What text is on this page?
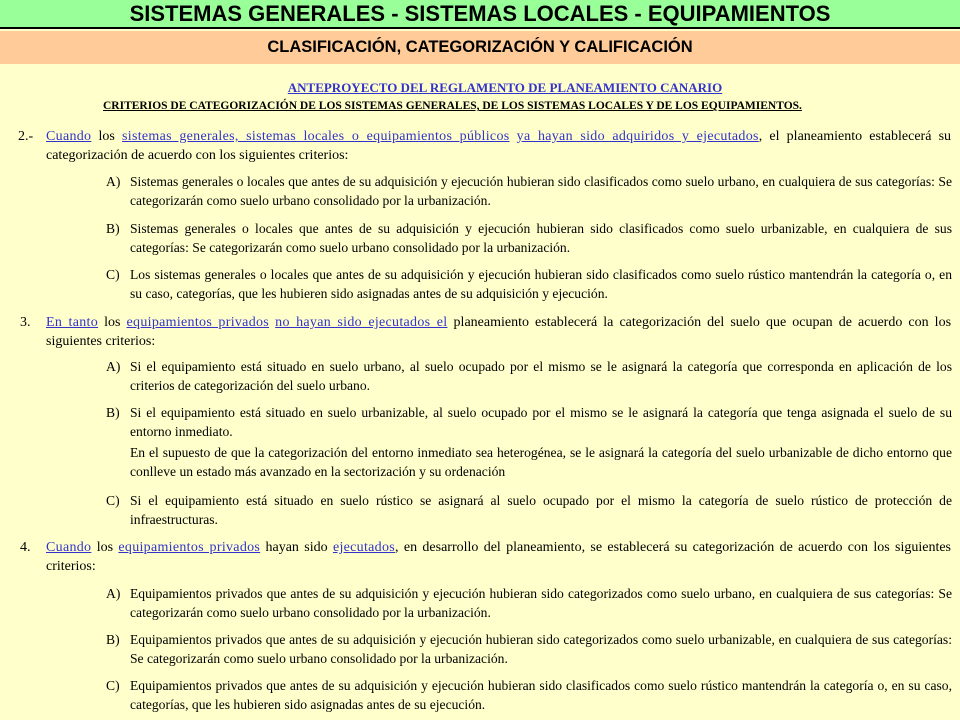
SISTEMAS GENERALES - SISTEMAS LOCALES - EQUIPAMIENTOS
CLASIFICACIÓN, CATEGORIZACIÓN Y CALIFICACIÓN
ANTEPROYECTO DEL REGLAMENTO DE PLANEAMIENTO CANARIO
CRITERIOS DE CATEGORIZACIÓN DE LOS SISTEMAS GENERALES, DE LOS SISTEMAS LOCALES Y DE LOS EQUIPAMIENTOS.
2.- Cuando los sistemas generales, sistemas locales o equipamientos públicos ya hayan sido adquiridos y ejecutados, el planeamiento establecerá su categorización de acuerdo con los siguientes criterios:
A) Sistemas generales o locales que antes de su adquisición y ejecución hubieran sido clasificados como suelo urbano, en cualquiera de sus categorías: Se categorizarán como suelo urbano consolidado por la urbanización.
B) Sistemas generales o locales que antes de su adquisición y ejecución hubieran sido clasificados como suelo urbanizable, en cualquiera de sus categorías: Se categorizarán como suelo urbano consolidado por la urbanización.
C) Los sistemas generales o locales que antes de su adquisición y ejecución hubieran sido clasificados como suelo rústico mantendrán la categoría o, en su caso, categorías, que les hubieren sido asignadas antes de su adquisición y ejecución.
3. En tanto los equipamientos privados no hayan sido ejecutados el planeamiento establecerá la categorización del suelo que ocupan de acuerdo con los siguientes criterios:
A) Si el equipamiento está situado en suelo urbano, al suelo ocupado por el mismo se le asignará la categoría que corresponda en aplicación de los criterios de categorización del suelo urbano.
B) Si el equipamiento está situado en suelo urbanizable, al suelo ocupado por el mismo se le asignará la categoría que tenga asignada el suelo de su entorno inmediato.
En el supuesto de que la categorización del entorno inmediato sea heterogénea, se le asignará la categoría del suelo urbanizable de dicho entorno que conlleve un estado más avanzado en la sectorización y su ordenación
C) Si el equipamiento está situado en suelo rústico se asignará al suelo ocupado por el mismo la categoría de suelo rústico de protección de infraestructuras.
4. Cuando los equipamientos privados hayan sido ejecutados, en desarrollo del planeamiento, se establecerá su categorización de acuerdo con los siguientes criterios:
A) Equipamientos privados que antes de su adquisición y ejecución hubieran sido categorizados como suelo urbano, en cualquiera de sus categorías: Se categorizarán como suelo urbano consolidado por la urbanización.
B) Equipamientos privados que antes de su adquisición y ejecución hubieran sido categorizados como suelo urbanizable, en cualquiera de sus categorías: Se categorizarán como suelo urbano consolidado por la urbanización.
C) Equipamientos privados que antes de su adquisición y ejecución hubieran sido clasificados como suelo rústico mantendrán la categoría o, en su caso, categorías, que les hubieren sido asignadas antes de su ejecución.
